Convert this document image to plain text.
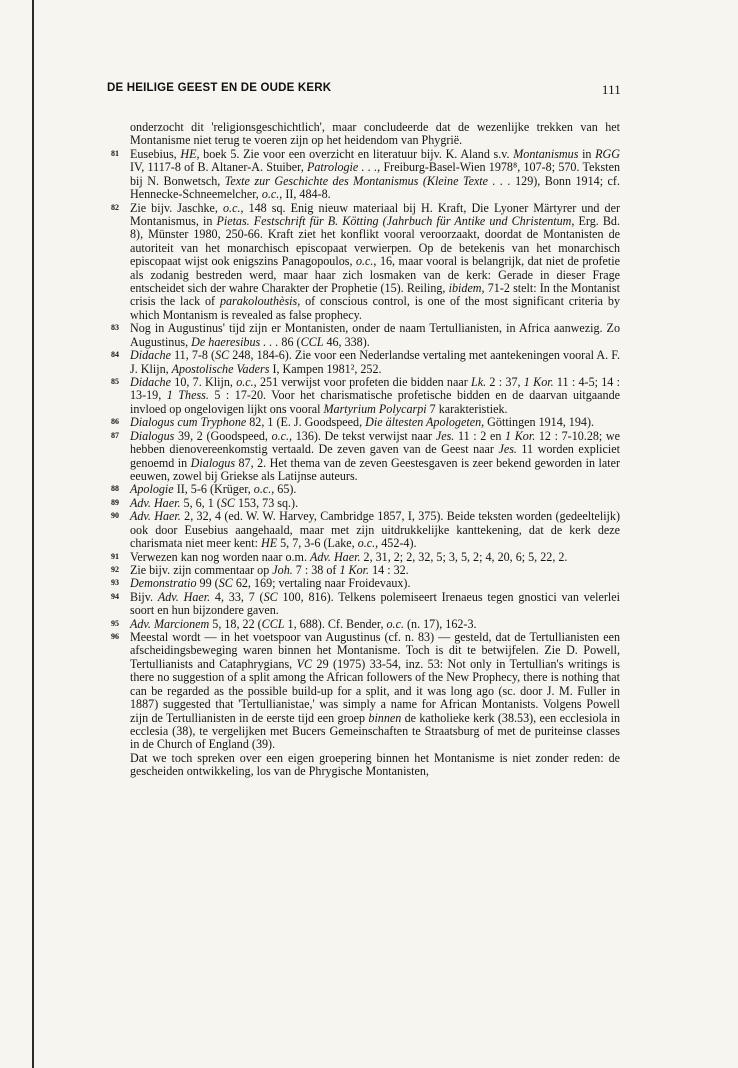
DE HEILIGE GEEST EN DE OUDE KERK	111
onderzocht dit 'religionsgeschichtlich', maar concludeerde dat de wezenlijke trekken van het Montanisme niet terug te voeren zijn op het heidendom van Phygrië.
81 Eusebius, HE, boek 5. Zie voor een overzicht en literatuur bijv. K. Aland s.v. Montanismus in RGG IV, 1117-8 of B. Altaner-A. Stuiber, Patrologie . . ., Freiburg-Basel-Wien 1978⁸, 107-8; 570. Teksten bij N. Bonwetsch, Texte zur Geschichte des Montanismus (Kleine Texte . . . 129), Bonn 1914; cf. Hennecke-Schneemelcher, o.c., II, 484-8.
82 Zie bijv. Jaschke, o.c., 148 sq. Enig nieuw materiaal bij H. Kraft, Die Lyoner Märtyrer und der Montanismus, in Pietas. Festschrift für B. Kötting (Jahrbuch für Antike und Christentum, Erg. Bd. 8), Münster 1980, 250-66. Kraft ziet het konflikt vooral veroorzaakt, doordat de Montanisten de autoriteit van het monarchisch episcopaat verwierpen. Op de betekenis van het monarchisch episcopaat wijst ook enigszins Panagopoulos, o.c., 16, maar vooral is belangrijk, dat niet de profetie als zodanig bestreden werd, maar haar zich losmaken van de kerk: Gerade in dieser Frage entscheidet sich der wahre Charakter der Prophetie (15). Reiling, ibidem, 71-2 stelt: In the Montanist crisis the lack of parakolouthèsis, of conscious control, is one of the most significant criteria by which Montanism is revealed as false prophecy.
83 Nog in Augustinus' tijd zijn er Montanisten, onder de naam Tertullianisten, in Africa aanwezig. Zo Augustinus, De haeresibus . . . 86 (CCL 46, 338).
84 Didache 11, 7-8 (SC 248, 184-6). Zie voor een Nederlandse vertaling met aantekeningen vooral A. F. J. Klijn, Apostolische Vaders I, Kampen 1981², 252.
85 Didache 10, 7. Klijn, o.c., 251 verwijst voor profeten die bidden naar Lk. 2 : 37, 1 Kor. 11 : 4-5; 14 : 13-19, 1 Thess. 5 : 17-20. Voor het charismatische profetische bidden en de daarvan uitgaande invloed op ongelovigen lijkt ons vooral Martyrium Polycarpi 7 karakteristiek.
86 Dialogus cum Tryphone 82, 1 (E. J. Goodspeed, Die ältesten Apologeten, Göttingen 1914, 194).
87 Dialogus 39, 2 (Goodspeed, o.c., 136). De tekst verwijst naar Jes. 11 : 2 en 1 Kor. 12 : 7-10.28; we hebben dienovereenkomstig vertaald. De zeven gaven van de Geest naar Jes. 11 worden expliciet genoemd in Dialogus 87, 2. Het thema van de zeven Geestesgaven is zeer bekend geworden in later eeuwen, zowel bij Griekse als Latijnse auteurs.
88 Apologie II, 5-6 (Krüger, o.c., 65).
89 Adv. Haer. 5, 6, 1 (SC 153, 73 sq.).
90 Adv. Haer. 2, 32, 4 (ed. W. W. Harvey, Cambridge 1857, I, 375). Beide teksten worden (gedeeltelijk) ook door Eusebius aangehaald, maar met zijn uitdrukkelijke kanttekening, dat de kerk deze charismata niet meer kent: HE 5, 7, 3-6 (Lake, o.c., 452-4).
91 Verwezen kan nog worden naar o.m. Adv. Haer. 2, 31, 2; 2, 32, 5; 3, 5, 2; 4, 20, 6; 5, 22, 2.
92 Zie bijv. zijn commentaar op Joh. 7 : 38 of 1 Kor. 14 : 32.
93 Demonstratio 99 (SC 62, 169; vertaling naar Froidevaux).
94 Bijv. Adv. Haer. 4, 33, 7 (SC 100, 816). Telkens polemiseert Irenaeus tegen gnostici van velerlei soort en hun bijzondere gaven.
95 Adv. Marcionem 5, 18, 22 (CCL 1, 688). Cf. Bender, o.c. (n. 17), 162-3.
96 Meestal wordt — in het voetspoor van Augustinus (cf. n. 83) — gesteld, dat de Tertullianisten een afscheidingsbeweging waren binnen het Montanisme. Toch is dit te betwijfelen. Zie D. Powell, Tertullianists and Cataphrygians, VC 29 (1975) 33-54, inz. 53: Not only in Tertullian's writings is there no suggestion of a split among the African followers of the New Prophecy, there is nothing that can be regarded as the possible build-up for a split, and it was long ago (sc. door J. M. Fuller in 1887) suggested that 'Tertullianistae,' was simply a name for African Montanists. Volgens Powell zijn de Tertullianisten in de eerste tijd een groep binnen de katholieke kerk (38.53), een ecclesiola in ecclesia (38), te vergelijken met Bucers Gemeinschaften te Straatsburg of met de puriteinse classes in de Church of England (39).
Dat we toch spreken over een eigen groepering binnen het Montanisme is niet zonder reden: de gescheiden ontwikkeling, los van de Phrygische Montanisten,
